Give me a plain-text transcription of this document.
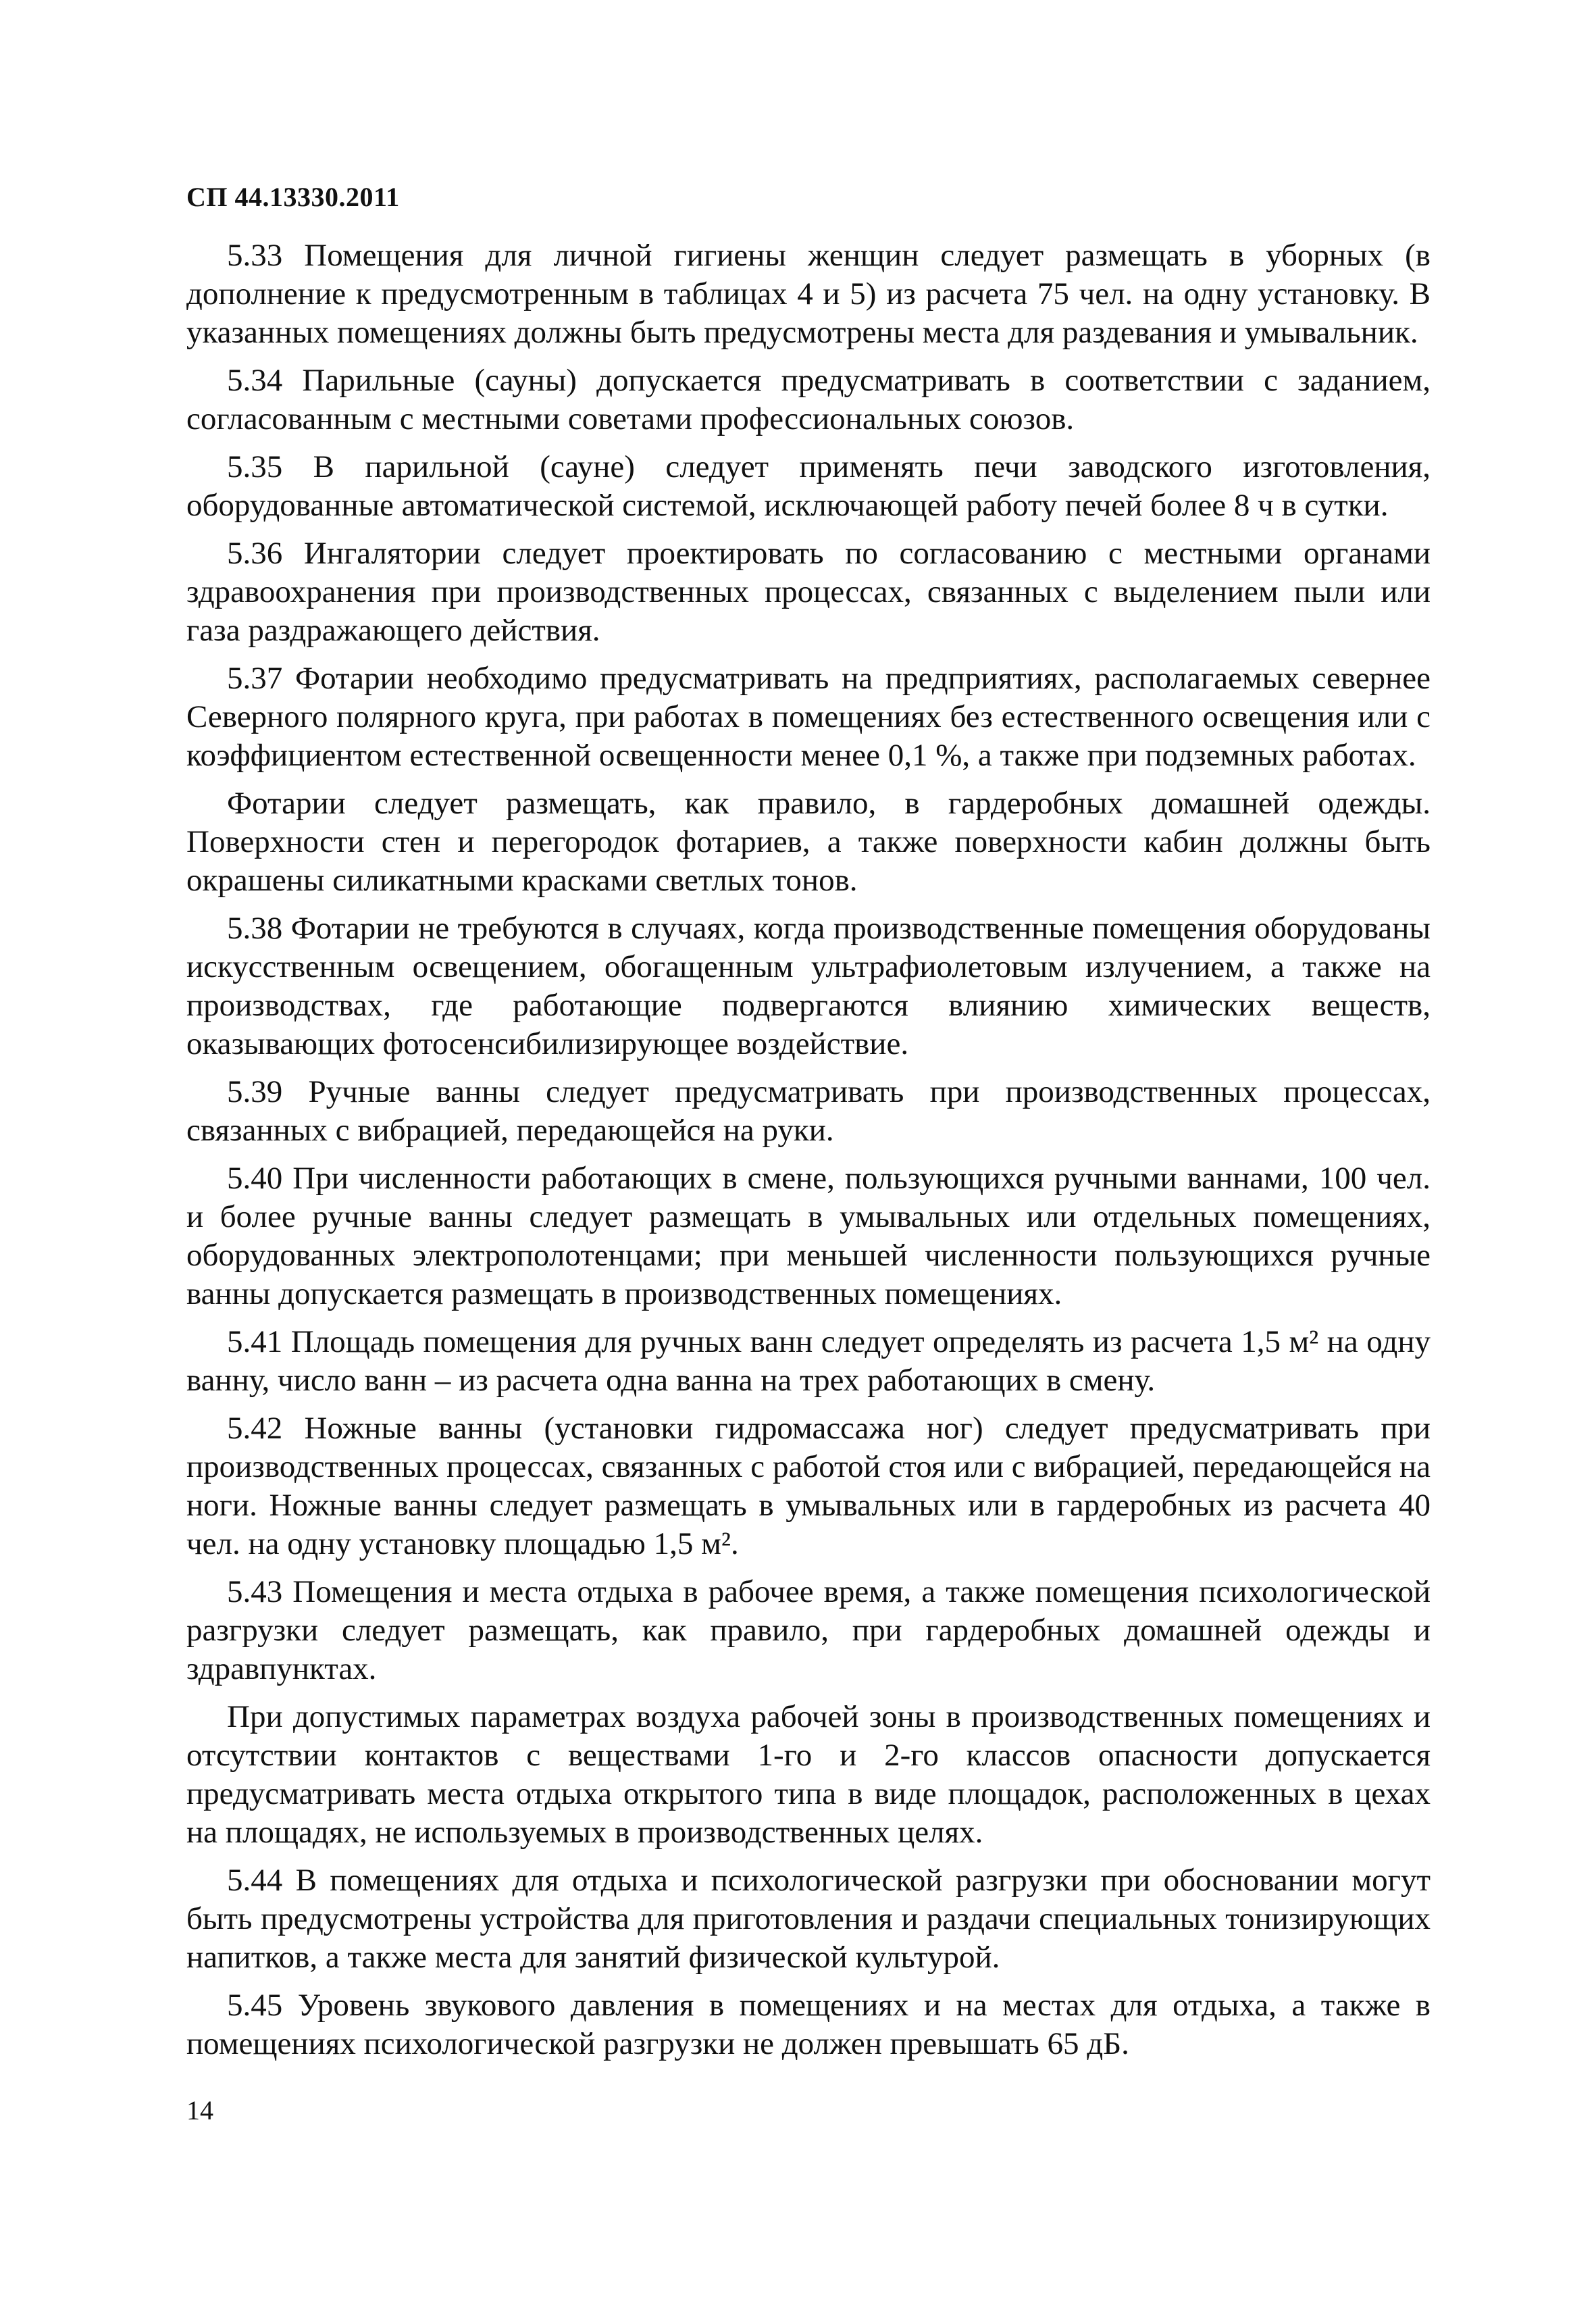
СП 44.13330.2011

5.33 Помещения для личной гигиены женщин следует размещать в уборных (в дополнение к предусмотренным в таблицах 4 и 5) из расчета 75 чел. на одну установку. В указанных помещениях должны быть предусмотрены места для раздевания и умывальник.

5.34 Парильные (сауны) допускается предусматривать в соответствии с заданием, согласованным с местными советами профессиональных союзов.

5.35 В парильной (сауне) следует применять печи заводского изготовления, оборудованные автоматической системой, исключающей работу печей более 8 ч в сутки.

5.36 Ингалятории следует проектировать по согласованию с местными органами здравоохранения при производственных процессах, связанных с выделением пыли или газа раздражающего действия.

5.37 Фотарии необходимо предусматривать на предприятиях, располагаемых севернее Северного полярного круга, при работах в помещениях без естественного освещения или с коэффициентом естественной освещенности менее 0,1 %, а также при подземных работах.

Фотарии следует размещать, как правило, в гардеробных домашней одежды. Поверхности стен и перегородок фотариев, а также поверхности кабин должны быть окрашены силикатными красками светлых тонов.

5.38 Фотарии не требуются в случаях, когда производственные помещения оборудованы искусственным освещением, обогащенным ультрафиолетовым излучением, а также на производствах, где работающие подвергаются влиянию химических веществ, оказывающих фотосенсибилизирующее воздействие.

5.39 Ручные ванны следует предусматривать при производственных процессах, связанных с вибрацией, передающейся на руки.

5.40 При численности работающих в смене, пользующихся ручными ваннами, 100 чел. и более ручные ванны следует размещать в умывальных или отдельных помещениях, оборудованных электрополотенцами; при меньшей численности пользующихся ручные ванны допускается размещать в производственных помещениях.

5.41 Площадь помещения для ручных ванн следует определять из расчета 1,5 м² на одну ванну, число ванн – из расчета одна ванна на трех работающих в смену.

5.42 Ножные ванны (установки гидромассажа ног) следует предусматривать при производственных процессах, связанных с работой стоя или с вибрацией, передающейся на ноги. Ножные ванны следует размещать в умывальных или в гардеробных из расчета 40 чел. на одну установку площадью 1,5 м².

5.43 Помещения и места отдыха в рабочее время, а также помещения психологической разгрузки следует размещать, как правило, при гардеробных домашней одежды и здравпунктах.

При допустимых параметрах воздуха рабочей зоны в производственных помещениях и отсутствии контактов с веществами 1-го и 2-го классов опасности допускается предусматривать места отдыха открытого типа в виде площадок, расположенных в цехах на площадях, не используемых в производственных целях.

5.44 В помещениях для отдыха и психологической разгрузки при обосновании могут быть предусмотрены устройства для приготовления и раздачи специальных тонизирующих напитков, а также места для занятий физической культурой.

5.45 Уровень звукового давления в помещениях и на местах для отдыха, а также в помещениях психологической разгрузки не должен превышать 65 дБ.

14
